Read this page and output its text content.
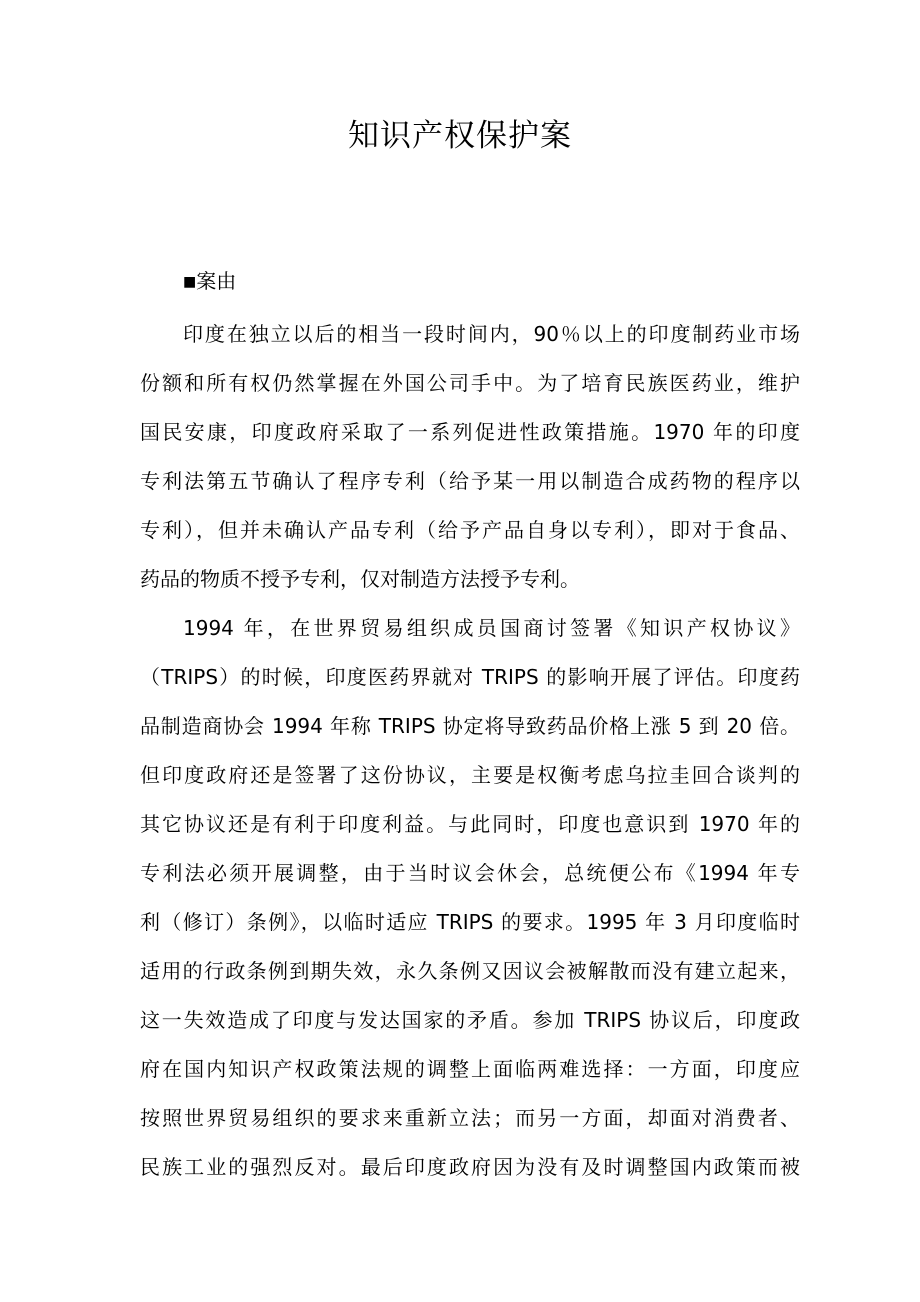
知识产权保护案
■案由

印度在独立以后的相当一段时间内，90％以上的印度制药业市场
份额和所有权仍然掌握在外国公司手中。为了培育民族医药业，维护
国民安康，印度政府采取了一系列促进性政策措施。1970 年的印度
专利法第五节确认了程序专利（给予某一用以制造合成药物的程序以
专利），但并未确认产品专利（给予产品自身以专利），即对于食品、
药品的物质不授予专利，仅对制造方法授予专利。

1994 年，在世界贸易组织成员国商讨签署《知识产权协议》
（TRIPS）的时候，印度医药界就对 TRIPS 的影响开展了评估。印度药
品制造商协会 1994 年称 TRIPS 协定将导致药品价格上涨 5 到 20 倍。
但印度政府还是签署了这份协议，主要是权衡考虑乌拉圭回合谈判的
其它协议还是有利于印度利益。与此同时，印度也意识到 1970 年的
专利法必须开展调整，由于当时议会休会，总统便公布《1994 年专
利（修订）条例》，以临时适应 TRIPS 的要求。1995 年 3 月印度临时
适用的行政条例到期失效，永久条例又因议会被解散而没有建立起来，
这一失效造成了印度与发达国家的矛盾。参加 TRIPS 协议后，印度政
府在国内知识产权政策法规的调整上面临两难选择：一方面，印度应
按照世界贸易组织的要求来重新立法；而另一方面，却面对消费者、
民族工业的强烈反对。最后印度政府因为没有及时调整国内政策而被
